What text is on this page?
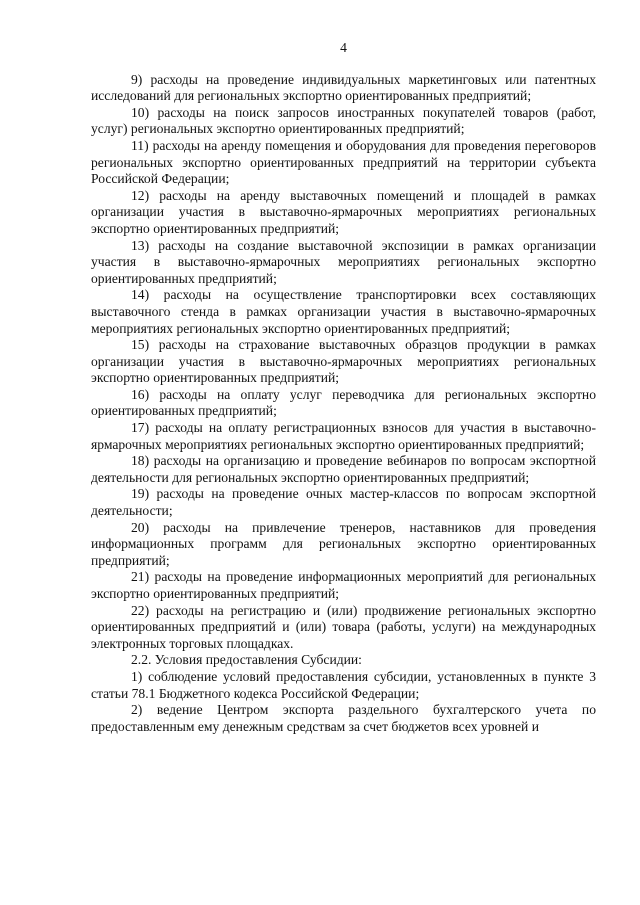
4

9) расходы на проведение индивидуальных маркетинговых или патентных исследований для региональных экспортно ориентированных предприятий;

10) расходы на поиск запросов иностранных покупателей товаров (работ, услуг) региональных экспортно ориентированных предприятий;

11) расходы на аренду помещения и оборудования для проведения переговоров региональных экспортно ориентированных предприятий на территории субъекта Российской Федерации;

12) расходы на аренду выставочных помещений и площадей в рамках организации участия в выставочно-ярмарочных мероприятиях региональных экспортно ориентированных предприятий;

13) расходы на создание выставочной экспозиции в рамках организации участия в выставочно-ярмарочных мероприятиях региональных экспортно ориентированных предприятий;

14) расходы на осуществление транспортировки всех составляющих выставочного стенда в рамках организации участия в выставочно-ярмарочных мероприятиях региональных экспортно ориентированных предприятий;

15) расходы на страхование выставочных образцов продукции в рамках организации участия в выставочно-ярмарочных мероприятиях региональных экспортно ориентированных предприятий;

16) расходы на оплату услуг переводчика для региональных экспортно ориентированных предприятий;

17) расходы на оплату регистрационных взносов для участия в выставочно-ярмарочных мероприятиях региональных экспортно ориентированных предприятий;

18) расходы на организацию и проведение вебинаров по вопросам экспортной деятельности для региональных экспортно ориентированных предприятий;

19) расходы на проведение очных мастер-классов по вопросам экспортной деятельности;

20) расходы на привлечение тренеров, наставников для проведения информационных программ для региональных экспортно ориентированных предприятий;

21) расходы на проведение информационных мероприятий для региональных экспортно ориентированных предприятий;

22) расходы на регистрацию и (или) продвижение региональных экспортно ориентированных предприятий и (или) товара (работы, услуги) на международных электронных торговых площадках.

2.2. Условия предоставления Субсидии:

1) соблюдение условий предоставления субсидии, установленных в пункте 3 статьи 78.1 Бюджетного кодекса Российской Федерации;

2) ведение Центром экспорта раздельного бухгалтерского учета по предоставленным ему денежным средствам за счет бюджетов всех уровней и
